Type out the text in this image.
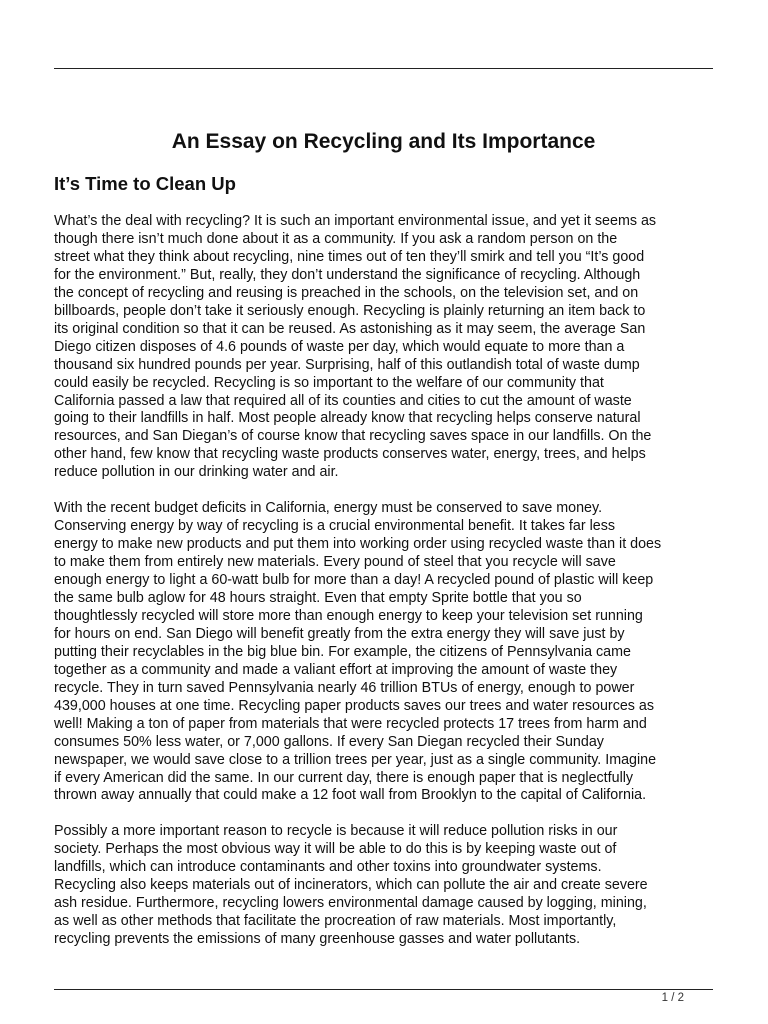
An Essay on Recycling and Its Importance
It’s Time to Clean Up

What’s the deal with recycling? It is such an important environmental issue, and yet it seems as
though there isn’t much done about it as a community. If you ask a random person on the
street what they think about recycling, nine times out of ten they’ll smirk and tell you “It’s good
for the environment.” But, really, they don’t understand the significance of recycling. Although
the concept of recycling and reusing is preached in the schools, on the television set, and on
billboards, people don’t take it seriously enough. Recycling is plainly returning an item back to
its original condition so that it can be reused. As astonishing as it may seem, the average San
Diego citizen disposes of 4.6 pounds of waste per day, which would equate to more than a
thousand six hundred pounds per year. Surprising, half of this outlandish total of waste dump
could easily be recycled. Recycling is so important to the welfare of our community that
California passed a law that required all of its counties and cities to cut the amount of waste
going to their landfills in half. Most people already know that recycling helps conserve natural
resources, and San Diegan’s of course know that recycling saves space in our landfills. On the
other hand, few know that recycling waste products conserves water, energy, trees, and helps
reduce pollution in our drinking water and air.

With the recent budget deficits in California, energy must be conserved to save money.
Conserving energy by way of recycling is a crucial environmental benefit. It takes far less
energy to make new products and put them into working order using recycled waste than it does
to make them from entirely new materials. Every pound of steel that you recycle will save
enough energy to light a 60-watt bulb for more than a day! A recycled pound of plastic will keep
the same bulb aglow for 48 hours straight. Even that empty Sprite bottle that you so
thoughtlessly recycled will store more than enough energy to keep your television set running
for hours on end. San Diego will benefit greatly from the extra energy they will save just by
putting their recyclables in the big blue bin. For example, the citizens of Pennsylvania came
together as a community and made a valiant effort at improving the amount of waste they
recycle. They in turn saved Pennsylvania nearly 46 trillion BTUs of energy, enough to power
439,000 houses at one time. Recycling paper products saves our trees and water resources as
well! Making a ton of paper from materials that were recycled protects 17 trees from harm and
consumes 50% less water, or 7,000 gallons. If every San Diegan recycled their Sunday
newspaper, we would save close to a trillion trees per year, just as a single community. Imagine
if every American did the same. In our current day, there is enough paper that is neglectfully
thrown away annually that could make a 12 foot wall from Brooklyn to the capital of California.

Possibly a more important reason to recycle is because it will reduce pollution risks in our
society. Perhaps the most obvious way it will be able to do this is by keeping waste out of
landfills, which can introduce contaminants and other toxins into groundwater systems.
Recycling also keeps materials out of incinerators, which can pollute the air and create severe
ash residue. Furthermore, recycling lowers environmental damage caused by logging, mining,
as well as other methods that facilitate the procreation of raw materials. Most importantly,
recycling prevents the emissions of many greenhouse gasses and water pollutants.

1 / 2
